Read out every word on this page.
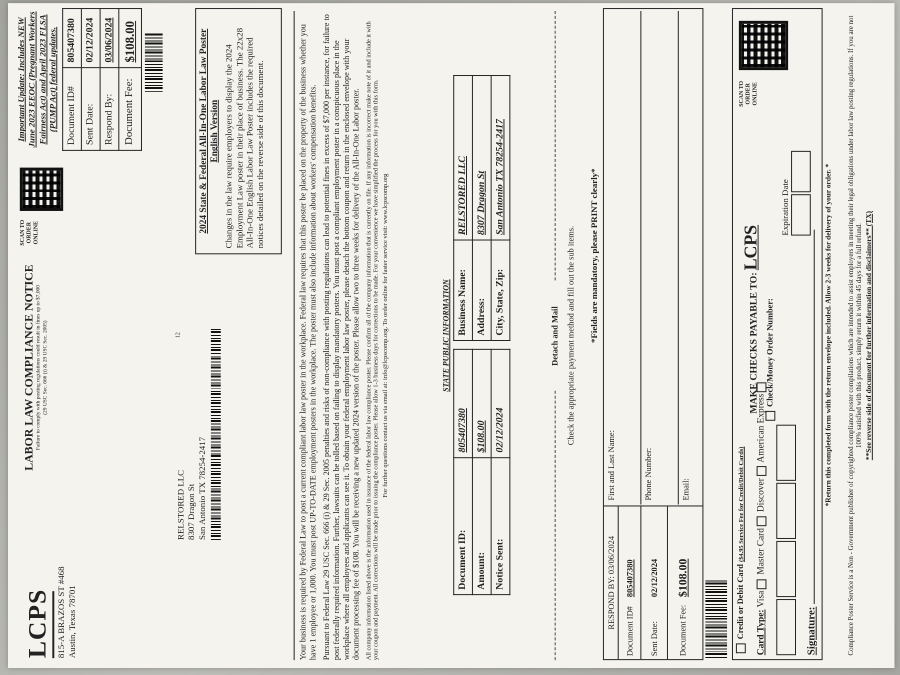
LCPS 815-A BRAZOS ST #468 Austin, Texas 78701
LABOR LAW COMPLIANCE NOTICE Failure to comply with posting regulations could result in fines up to $7,000 (29 USC Sec. 666 (i) & 29 USC Sec. 2005)
SCAN TO ORDER ONLINE
Important Update: Includes NEW June 2023 EEOC (Pregnant Workers Fairness Act) and April 2023 FLSA (PUMP Act) federal updates. Document ID#	805407380
Sent Date:	02/12/2024
Respond By:	03/06/2024
Document Fee:	$108.00
RELSTORED LLC 8307 Dragon St San Antonio TX 78254-2417
12
2024 State & Federal All-In-One Labor Law Poster English Version Changes in the law require employers to display the 2024 Employment Law poster in their place of business. The 22x28 All-In-One English Labor Law Poster includes the required notices detailed on the reverse side of this document.	Your business is required by Federal Law to post a current compliant labor law poster in the workplace. Federal law requires that this poster be placed on the property of the business whether you have 1 employee or 1,000. You must post UP-TO-DATE employment posters in the workplace. The poster must also include information about workers' compensation benefits. Pursuant to Federal Law 29 USC Sec. 666 (i) & 29 Sec. 2005 penalties and risks of non-compliance with posting regulations can lead to potential fines in excess of $7,000 per instance, for failure to post federally required information. Further, lawsuits can be tolled based on failing to display mandatory posters. You must post a compliant employment poster in a conspicuous place in the workplace where all employees and applicants can see it. To obtain your federal employment labor law poster, please detach the bottom coupon and return in the enclosed envelope with your document processing fee of $108. You will be receiving a new updated 2024 version of the poster. Please allow two to three weeks for delivery of the All-In-One Labor poster. All company information listed above is the information used in issuance of the federal labor law compliance poster. Please confirm all of the company information that is currently on file. If any information is incorrect make note of it and include it with your coupon and payment. All corrections will be made prior to issuing the compliance poster. Please allow 1-3 business days for corrections to be made. For your convenience we have simplified the process for you with this form. For further questions contact us via email at: info@lcpscomp.org. To order online for faster service visit: www.lcpscomp.org	STATE PUBLIC INFORMATION
Document ID:	805407380
Amount:	$108.00
Notice Sent:	02/12/2024
Business Name:	RELSTORED LLC
Address:	8307 Dragon St
City, State, Zip:	San Antonio TX 78254-2417
Detach and Mail Check the appropriate payment method and fill out the sub items. *Fields are mandatory, please PRINT clearly*
RESPOND BY: 03/06/2024
Document ID#
805407380
Sent Date:
02/12/2024
Document Fee:
$108.00
First and Last Name:	Phone Number:	Email:
Credit or Debit Card ($4.95 Service Fee for Credit/Debit Cards)
MAKE CHECKS PAYABLE TO: LCPS
Check/Money Order Number:
Card Type: Visa Master Card Discover American Express

Expiration Date

Signature:
SCAN TO ORDER ONLINE
*Return this completed form with the return envelope included. Allow 2-3 weeks for delivery of your order. * Compliance Poster Service is a Non - Government publisher of copyrighted compliance poster compilations which are intended to assist employers in meeting their legal obligations under labor law posting regulations. If you are not 100% satisfied with this product, simply return it within 45 days for a full refund. **See reverse side of document for further information and disclaimers** (TX)
